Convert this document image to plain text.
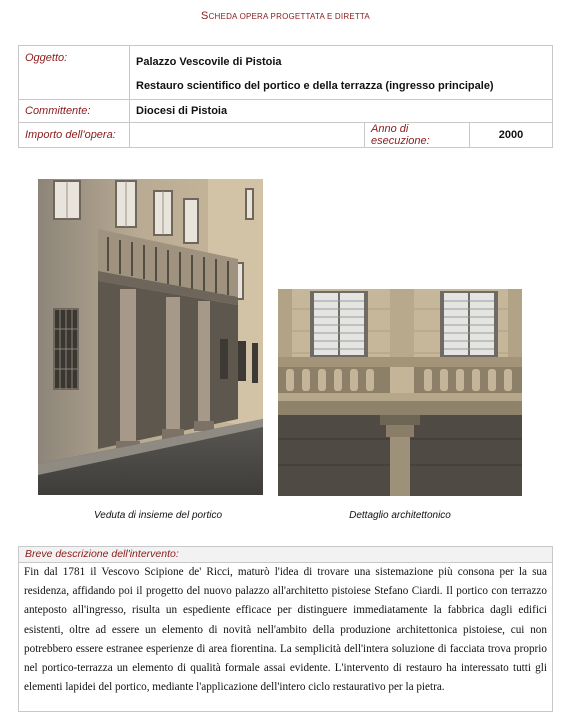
SCHEDA OPERA PROGETTATA E DIRETTA
Oggetto:	Palazzo Vescovile di Pistoia		
	Restauro scientifico del portico e della terrazza (ingresso principale)		
Committente:	Diocesi di Pistoia		
Importo dell'opera:		Anno di esecuzione:	2000
Veduta di insieme del portico	Dettaglio architettonico
Breve descrizione dell'intervento:

Fin dal 1781 il Vescovo Scipione de' Ricci, maturò l'idea di trovare una sistemazione più consona per la sua residenza, affidando poi il progetto del nuovo palazzo all'architetto pistoiese Stefano Ciardi. Il portico con terrazzo anteposto all'ingresso, risulta un espediente efficace per distinguere immediatamente la fabbrica dagli edifici esistenti, oltre ad essere un elemento di novità nell'ambito della produzione architettonica pistoiese, cui non potrebbero essere estranee esperienze di area fiorentina. La semplicità dell'intera soluzione di facciata trova proprio nel portico-terrazza un elemento di qualità formale assai evidente. L'intervento di restauro ha interessato tutti gli elementi lapidei del portico, mediante l'applicazione dell'intero ciclo restaurativo per la pietra.
